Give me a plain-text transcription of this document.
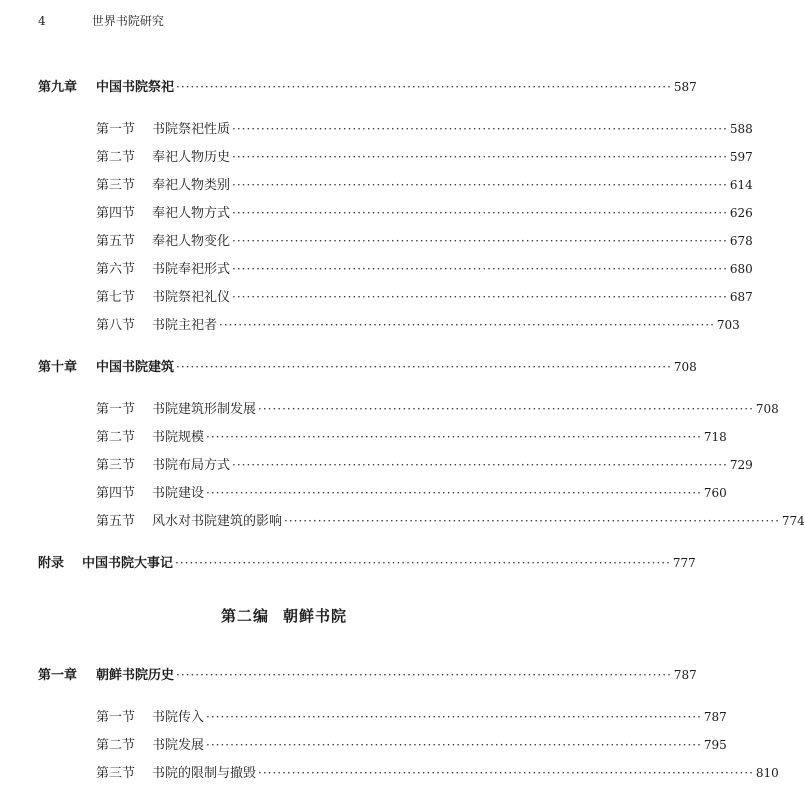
4	世界书院研究
第九章	中国书院祭祀 ······································································································· 587
第一节	书院祭祀性质 ······································································································· 588
第二节	奉祀人物历史 ······································································································· 597
第三节	奉祀人物类别 ······································································································· 614
第四节	奉祀人物方式 ······································································································· 626
第五节	奉祀人物变化 ······································································································· 678
第六节	书院奉祀形式 ······································································································· 680
第七节	书院祭祀礼仪 ······································································································· 687
第八节	书院主祀者 ······································································································· 703
第十章	中国书院建筑 ······································································································· 708
第一节	书院建筑形制发展 ······································································································· 708
第二节	书院规模 ······································································································· 718
第三节	书院布局方式 ······································································································· 729
第四节	书院建设 ······································································································· 760
第五节	风水对书院建筑的影响 ······································································································· 774
附录	中国书院大事记 ······································································································· 777
第二编 朝鲜书院
第一章	朝鲜书院历史 ······································································································· 787
第一节	书院传入 ······································································································· 787
第二节	书院发展 ······································································································· 795
第三节	书院的限制与撤毁 ······································································································· 810
